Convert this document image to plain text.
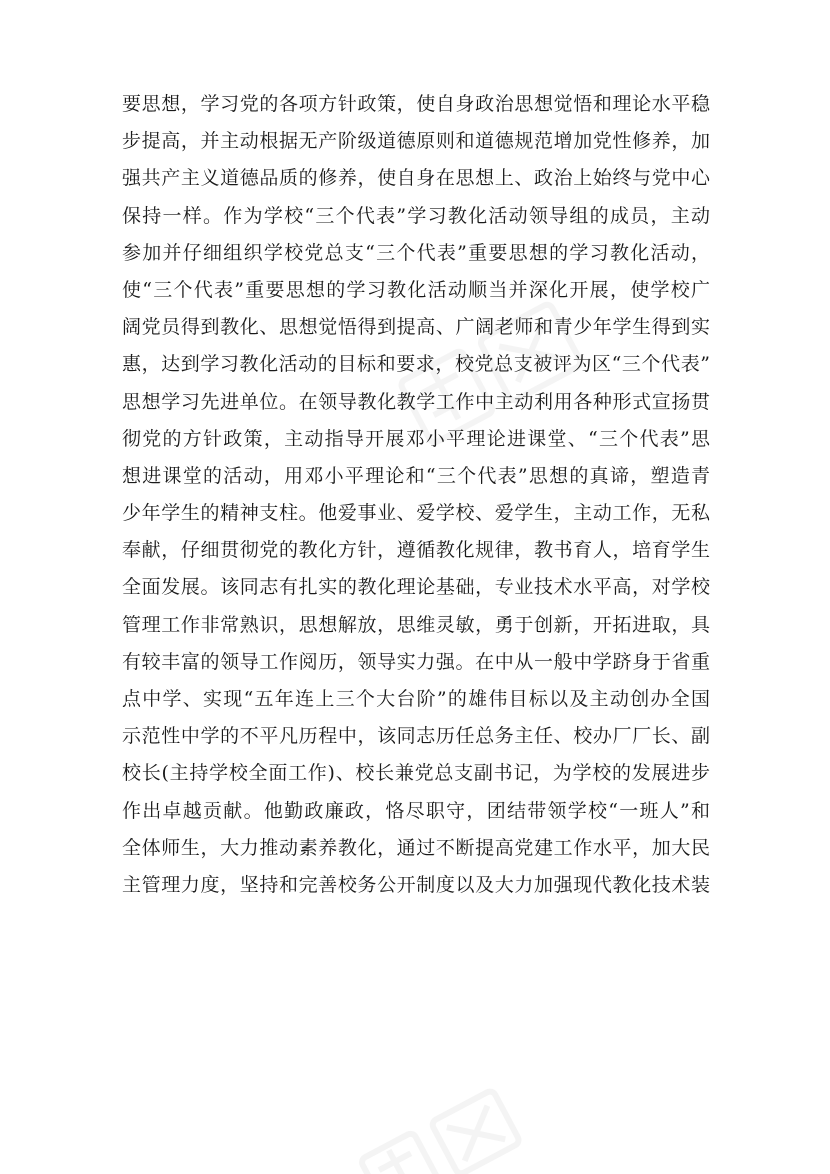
要思想，学习党的各项方针政策，使自身政治思想觉悟和理论水平稳
步提高，并主动根据无产阶级道德原则和道德规范增加党性修养，加
强共产主义道德品质的修养，使自身在思想上、政治上始终与党中心
保持一样。作为学校“三个代表”学习教化活动领导组的成员，主动
参加并仔细组织学校党总支“三个代表”重要思想的学习教化活动，
使“三个代表”重要思想的学习教化活动顺当并深化开展，使学校广
阔党员得到教化、思想觉悟得到提高、广阔老师和青少年学生得到实
惠，达到学习教化活动的目标和要求，校党总支被评为区“三个代表”
思想学习先进单位。在领导教化教学工作中主动利用各种形式宣扬贯
彻党的方针政策，主动指导开展邓小平理论进课堂、“三个代表”思
想进课堂的活动，用邓小平理论和“三个代表”思想的真谛，塑造青
少年学生的精神支柱。他爱事业、爱学校、爱学生，主动工作，无私
奉献，仔细贯彻党的教化方针，遵循教化规律，教书育人，培育学生
全面发展。该同志有扎实的教化理论基础，专业技术水平高，对学校
管理工作非常熟识，思想解放，思维灵敏，勇于创新，开拓进取，具
有较丰富的领导工作阅历，领导实力强。在中从一般中学跻身于省重
点中学、实现“五年连上三个大台阶”的雄伟目标以及主动创办全国
示范性中学的不平凡历程中，该同志历任总务主任、校办厂厂长、副
校长(主持学校全面工作)、校长兼党总支副书记，为学校的发展进步
作出卓越贡献。他勤政廉政，恪尽职守，团结带领学校“一班人”和
全体师生，大力推动素养教化，通过不断提高党建工作水平，加大民
主管理力度，坚持和完善校务公开制度以及大力加强现代教化技术装
